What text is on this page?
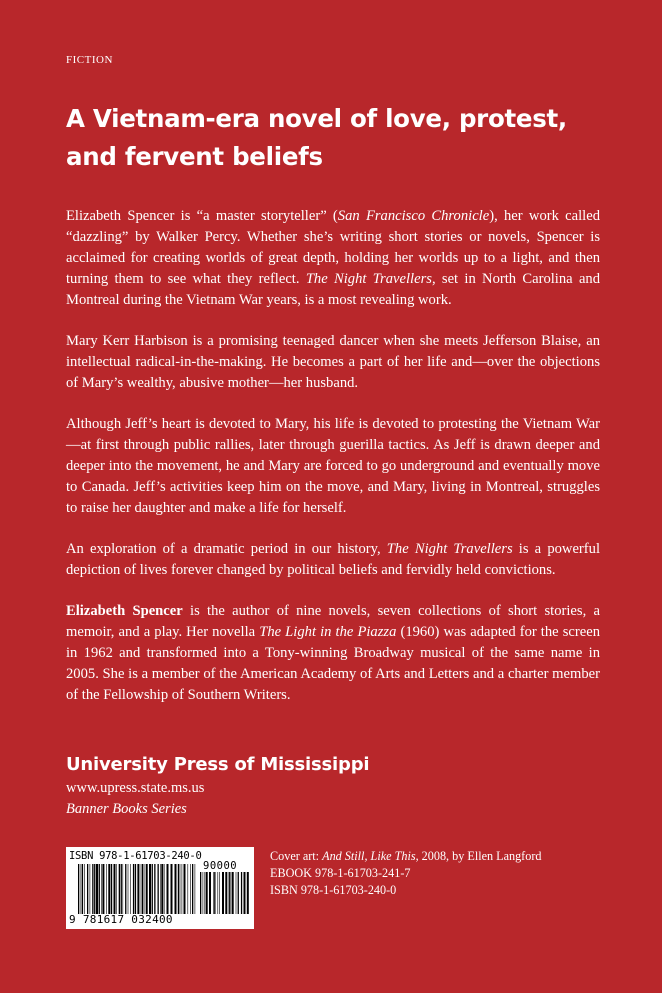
FICTION
A Vietnam-era novel of love, protest,
and fervent beliefs

Elizabeth Spencer is “a master storyteller” (San Francisco Chronicle), her work called “dazzling” by Walker Percy. Whether she’s writing short stories or novels, Spencer is acclaimed for creating worlds of great depth, holding her worlds up to a light, and then turning them to see what they reflect. The Night Travellers, set in North Carolina and Montreal during the Vietnam War years, is a most revealing work.

Mary Kerr Harbison is a promising teenaged dancer when she meets Jefferson Blaise, an intellectual radical-in-the-making. He becomes a part of her life and—over the objections of Mary’s wealthy, abusive mother—her husband.

Although Jeff’s heart is devoted to Mary, his life is devoted to protesting the Vietnam War—at first through public rallies, later through guerilla tactics. As Jeff is drawn deeper and deeper into the movement, he and Mary are forced to go underground and eventually move to Canada. Jeff’s activities keep him on the move, and Mary, living in Montreal, struggles to raise her daughter and make a life for herself.

An exploration of a dramatic period in our history, The Night Travellers is a powerful depiction of lives forever changed by political beliefs and fervidly held convictions.

Elizabeth Spencer is the author of nine novels, seven collections of short stories, a memoir, and a play. Her novella The Light in the Piazza (1960) was adapted for the screen in 1962 and transformed into a Tony-winning Broadway musical of the same name in 2005. She is a member of the American Academy of Arts and Letters and a charter member of the Fellowship of Southern Writers.

University Press of Mississippi
www.upress.state.ms.us
Banner Books Series
ISBN 978-1-61703-240-0
90000
9 781617 032400
Cover art: And Still, Like This, 2008, by Ellen Langford
EBOOK 978-1-61703-241-7
ISBN 978-1-61703-240-0
